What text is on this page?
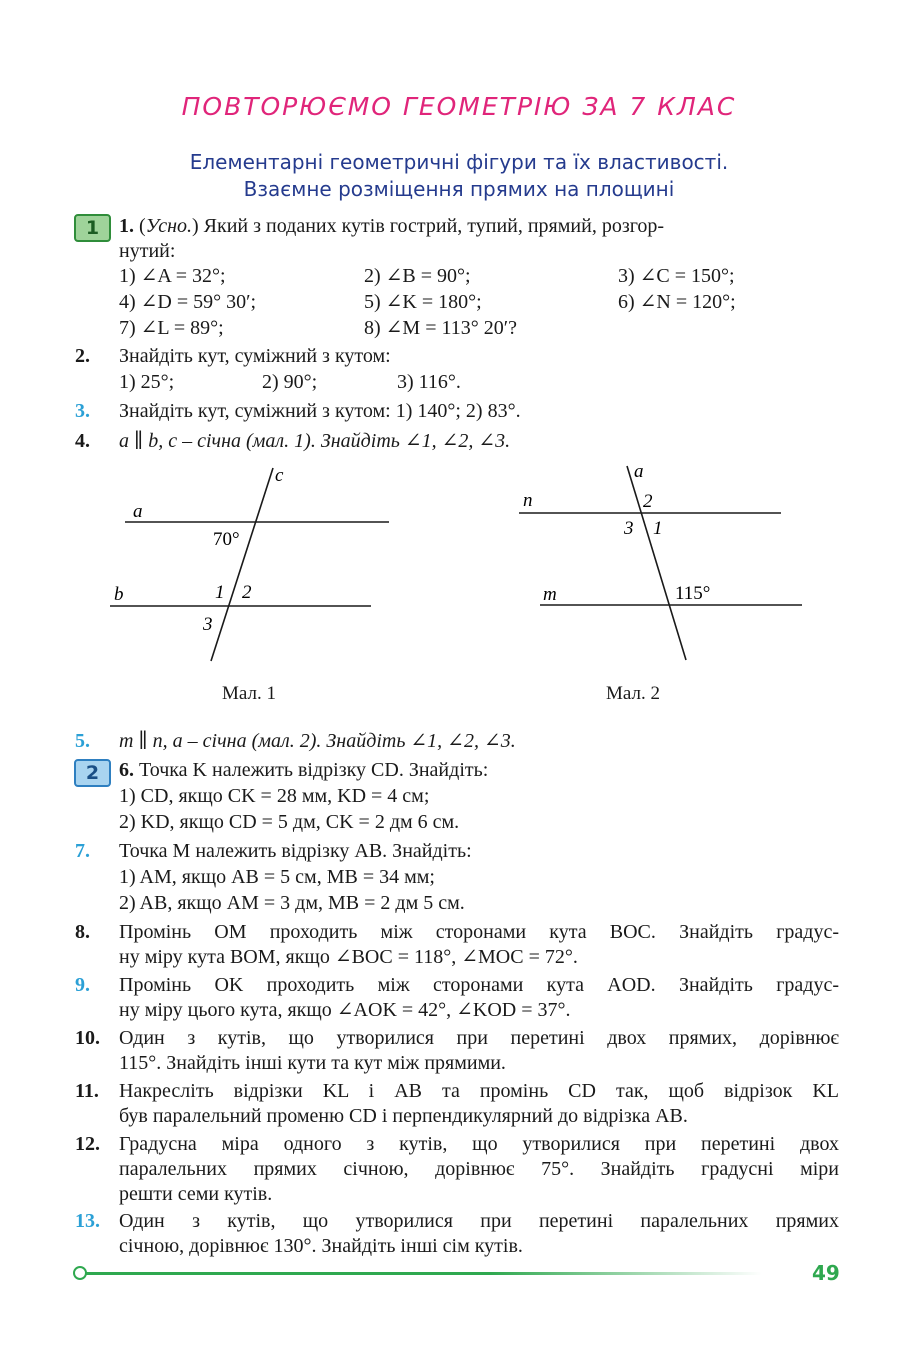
ПОВТОРЮЄМО ГЕОМЕТРІЮ ЗА 7 КЛАС
Елементарні геометричні фігури та їх властивості.
Взаємне розміщення прямих на площині
1 1. (Усно.) Який з поданих кутів гострий, тупий, прямий, розгор-
нутий:
1) ∠A = 32°;	2) ∠B = 90°;	3) ∠C = 150°;
4) ∠D = 59° 30′;	5) ∠K = 180°;	6) ∠N = 120°;
7) ∠L = 89°;	8) ∠M = 113° 20′?
2. Знайдіть кут, суміжний з кутом:
1) 25°;	2) 90°;	3) 116°.
3. Знайдіть кут, суміжний з кутом: 1) 140°; 2) 83°.
4. a ∥ b, c – січна (мал. 1). Знайдіть ∠1, ∠2, ∠3.
a
b
c
70°
1 2
3
Мал. 1
n
m
a
2
3 1
115°
Мал. 2
5. m ∥ n, a – січна (мал. 2). Знайдіть ∠1, ∠2, ∠3.
2 6. Точка K належить відрізку CD. Знайдіть:
1) CD, якщо CK = 28 мм, KD = 4 см;
2) KD, якщо CD = 5 дм, CK = 2 дм 6 см.
7. Точка M належить відрізку AB. Знайдіть:
1) AM, якщо AB = 5 см, MB = 34 мм;
2) AB, якщо AM = 3 дм, MB = 2 дм 5 см.
8. Промінь OM проходить між сторонами кута BOC. Знайдіть градус-
ну міру кута BOM, якщо ∠BOC = 118°, ∠MOC = 72°.
9. Промінь OK проходить між сторонами кута AOD. Знайдіть градус-
ну міру цього кута, якщо ∠AOK = 42°, ∠KOD = 37°.
10. Один з кутів, що утворилися при перетині двох прямих, дорівнює
115°. Знайдіть інші кути та кут між прямими.
11. Накресліть відрізки KL і AB та промінь CD так, щоб відрізок KL
був паралельний променю CD і перпендикулярний до відрізка AB.
12. Градусна міра одного з кутів, що утворилися при перетині двох
паралельних прямих січною, дорівнює 75°. Знайдіть градусні міри
решти семи кутів.
13. Один з кутів, що утворилися при перетині паралельних прямих
січною, дорівнює 130°. Знайдіть інші сім кутів.
49
